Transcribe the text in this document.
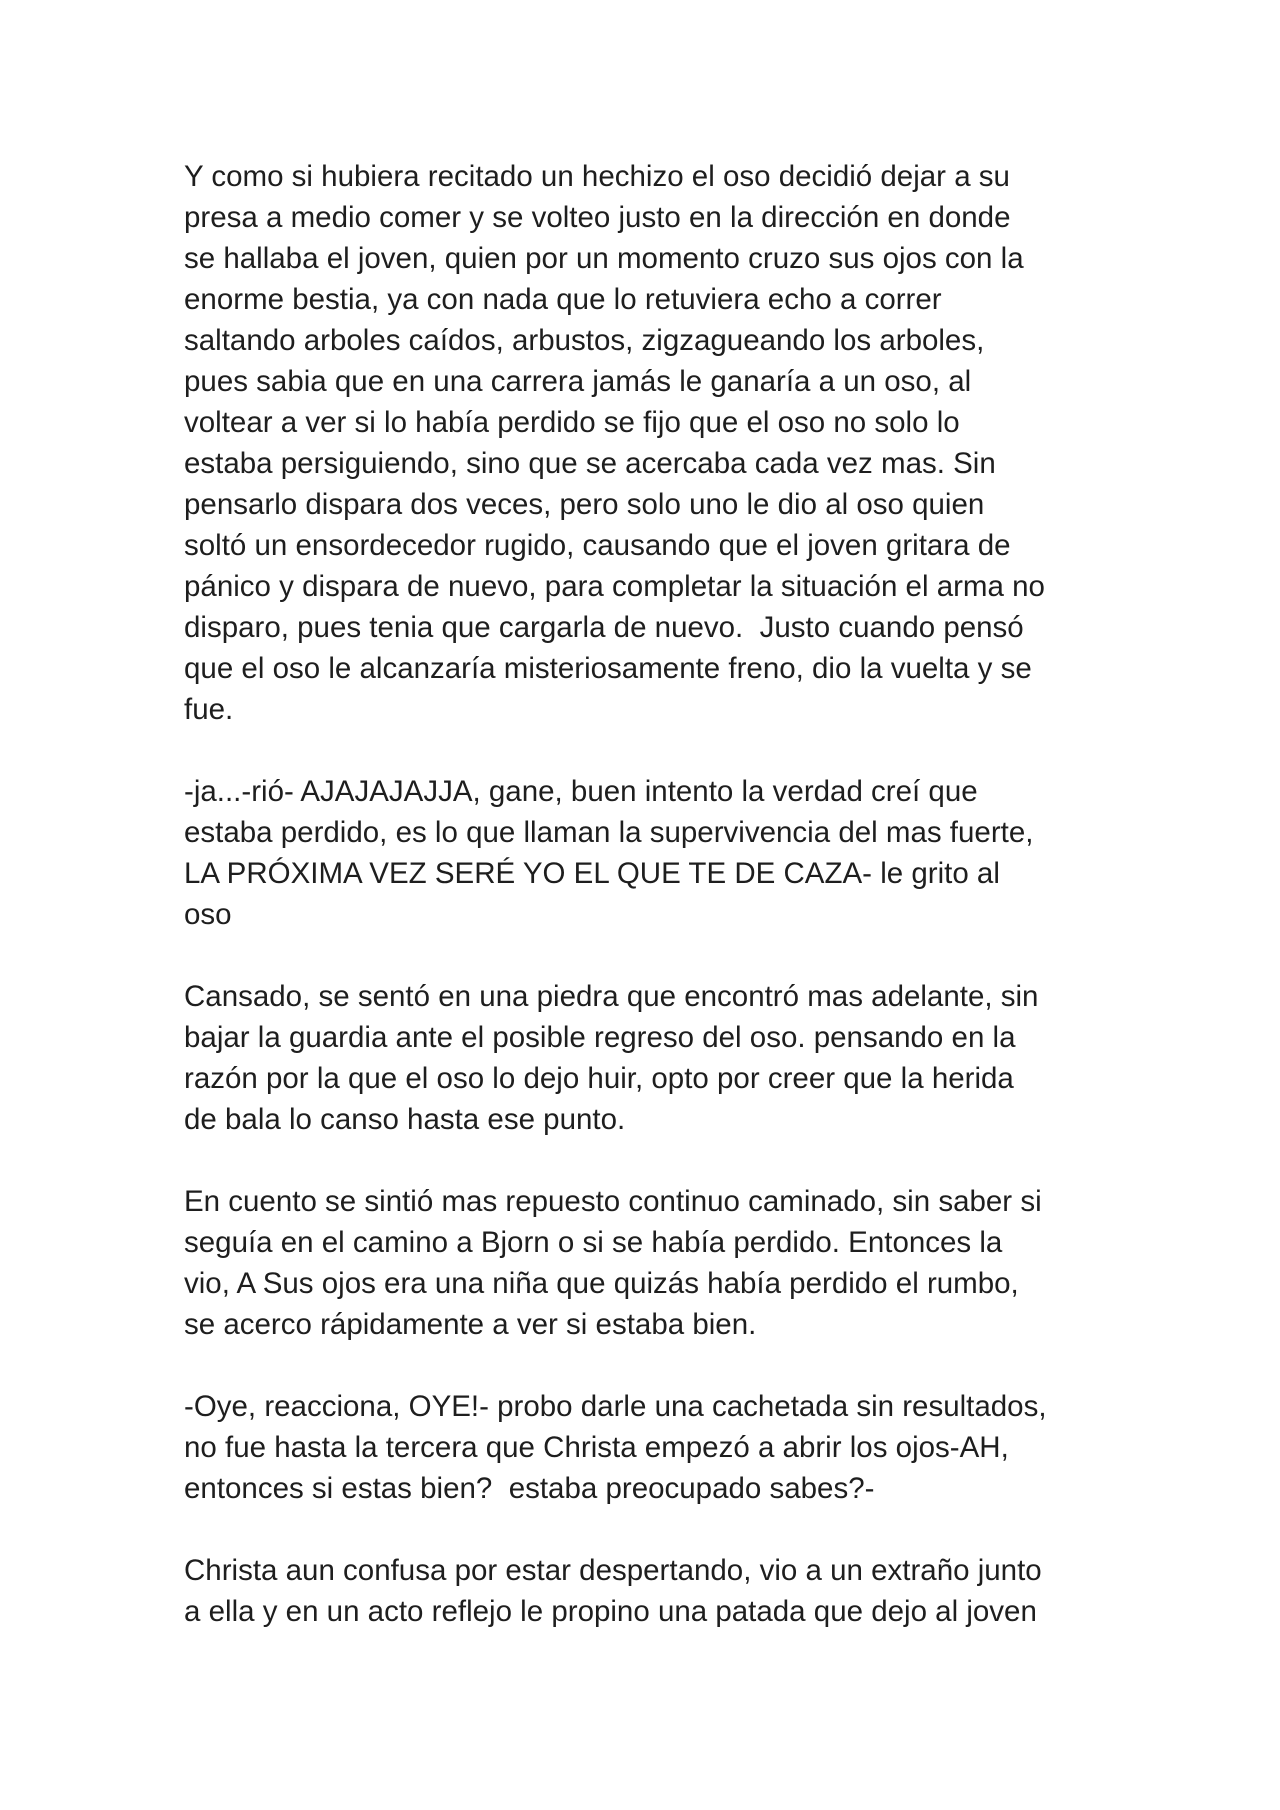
Y como si hubiera recitado un hechizo el oso decidió dejar a su
presa a medio comer y se volteo justo en la dirección en donde
se hallaba el joven, quien por un momento cruzo sus ojos con la
enorme bestia, ya con nada que lo retuviera echo a correr
saltando arboles caídos, arbustos, zigzagueando los arboles,
pues sabia que en una carrera jamás le ganaría a un oso, al
voltear a ver si lo había perdido se fijo que el oso no solo lo
estaba persiguiendo, sino que se acercaba cada vez mas. Sin
pensarlo dispara dos veces, pero solo uno le dio al oso quien
soltó un ensordecedor rugido, causando que el joven gritara de
pánico y dispara de nuevo, para completar la situación el arma no
disparo, pues tenia que cargarla de nuevo.  Justo cuando pensó
que el oso le alcanzaría misteriosamente freno, dio la vuelta y se
fue.

-ja...-rió- AJAJAJAJJA, gane, buen intento la verdad creí que
estaba perdido, es lo que llaman la supervivencia del mas fuerte,
LA PRÓXIMA VEZ SERÉ YO EL QUE TE DE CAZA- le grito al
oso

Cansado, se sentó en una piedra que encontró mas adelante, sin
bajar la guardia ante el posible regreso del oso. pensando en la
razón por la que el oso lo dejo huir, opto por creer que la herida
de bala lo canso hasta ese punto.

En cuento se sintió mas repuesto continuo caminado, sin saber si
seguía en el camino a Bjorn o si se había perdido. Entonces la
vio, A Sus ojos era una niña que quizás había perdido el rumbo,
se acerco rápidamente a ver si estaba bien.

-Oye, reacciona, OYE!- probo darle una cachetada sin resultados,
no fue hasta la tercera que Christa empezó a abrir los ojos-AH,
entonces si estas bien?  estaba preocupado sabes?-

Christa aun confusa por estar despertando, vio a un extraño junto
a ella y en un acto reflejo le propino una patada que dejo al joven
